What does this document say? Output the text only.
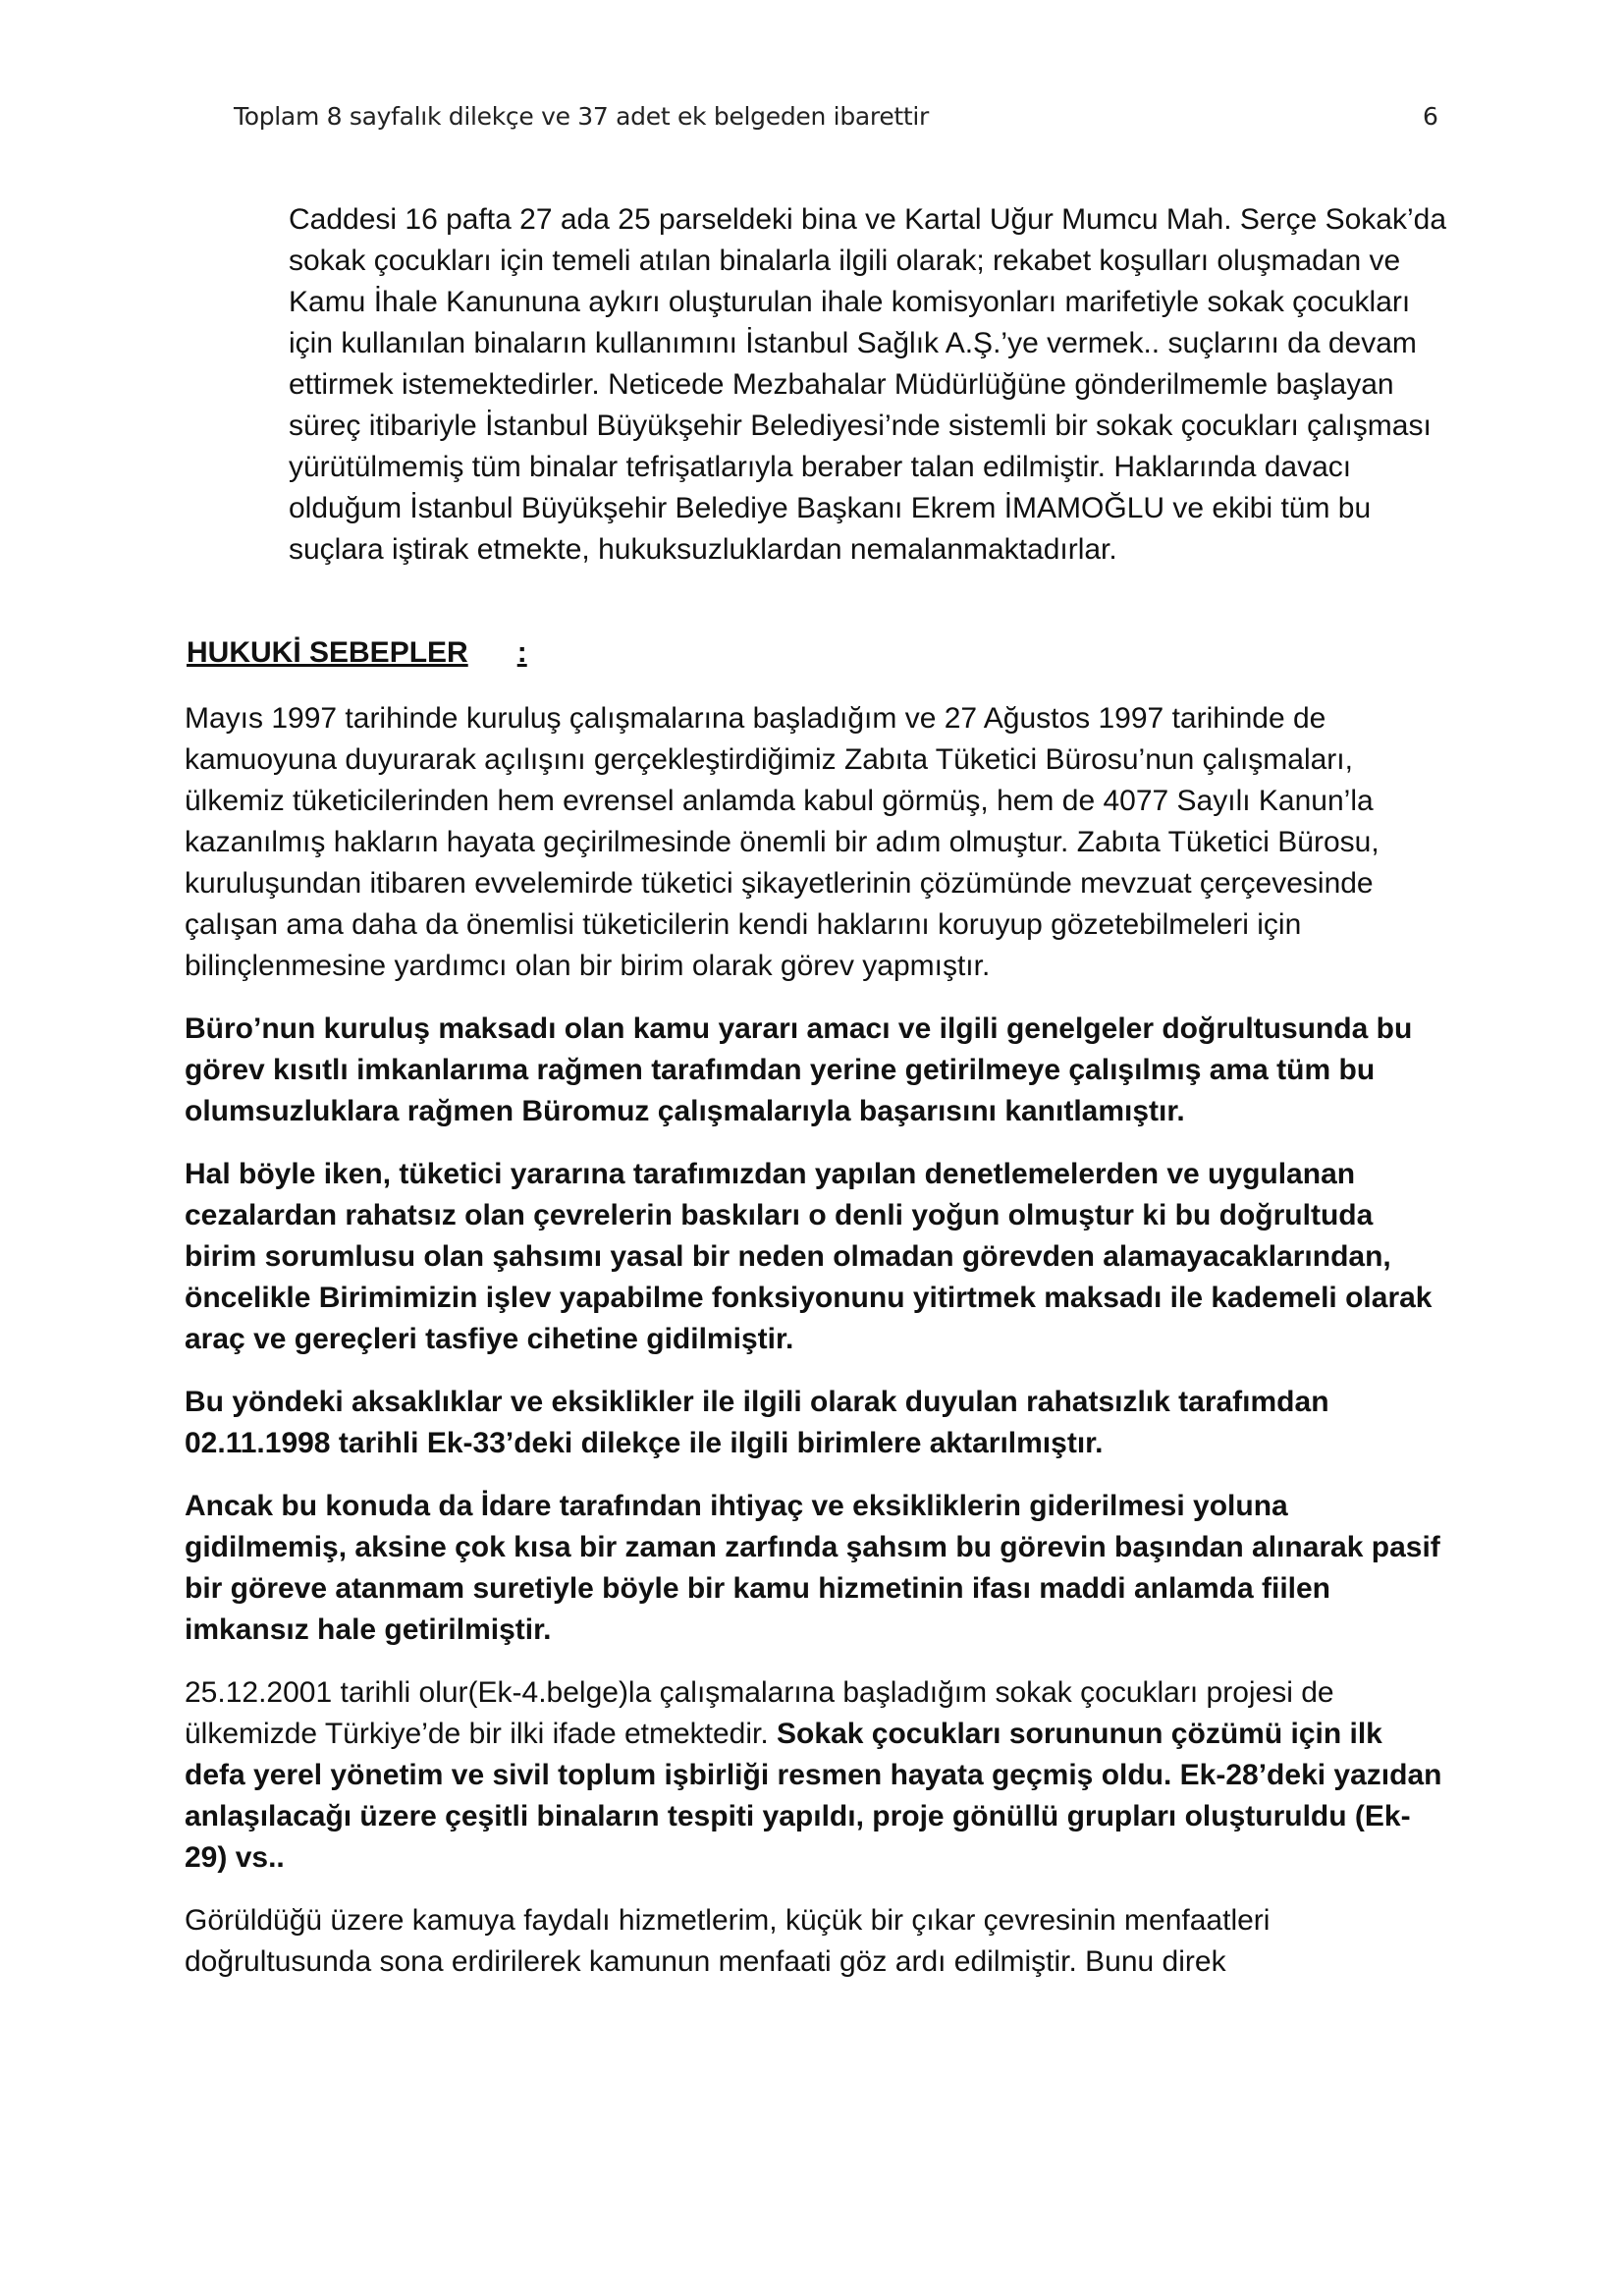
Toplam 8 sayfalık dilekçe ve 37 adet ek belgeden ibarettir	6

Caddesi 16 pafta 27 ada 25 parseldeki bina ve Kartal Uğur Mumcu Mah. Serçe Sokak’da sokak çocukları için temeli atılan binalarla ilgili olarak; rekabet koşulları oluşmadan ve Kamu İhale Kanununa aykırı oluşturulan ihale komisyonları marifetiyle sokak çocukları için kullanılan binaların kullanımını İstanbul Sağlık A.Ş.’ye vermek.. suçlarını da devam ettirmek istemektedirler. Neticede Mezbahalar Müdürlüğüne gönderilmemle başlayan süreç itibariyle İstanbul Büyükşehir Belediyesi’nde sistemli bir sokak çocukları çalışması yürütülmemiş tüm binalar tefrişatlarıyla beraber talan edilmiştir. Haklarında davacı olduğum İstanbul Büyükşehir Belediye Başkanı Ekrem İMAMOĞLU ve ekibi tüm bu suçlara iştirak etmekte, hukuksuzluklardan nemalanmaktadırlar.

HUKUKİ SEBEPLER :

Mayıs 1997 tarihinde kuruluş çalışmalarına başladığım ve 27 Ağustos 1997 tarihinde de kamuoyuna duyurarak açılışını gerçekleştirdiğimiz Zabıta Tüketici Bürosu’nun çalışmaları, ülkemiz tüketicilerinden hem evrensel anlamda kabul görmüş, hem de 4077 Sayılı Kanun’la kazanılmış hakların hayata geçirilmesinde önemli bir adım olmuştur. Zabıta Tüketici Bürosu, kuruluşundan itibaren evvelemirde tüketici şikayetlerinin çözümünde mevzuat çerçevesinde çalışan ama daha da önemlisi tüketicilerin kendi haklarını koruyup gözetebilmeleri için bilinçlenmesine yardımcı olan bir birim olarak görev yapmıştır.

Büro’nun kuruluş maksadı olan kamu yararı amacı ve ilgili genelgeler doğrultusunda bu görev kısıtlı imkanlarıma rağmen tarafımdan yerine getirilmeye çalışılmış ama tüm bu olumsuzluklara rağmen Büromuz çalışmalarıyla başarısını kanıtlamıştır.

Hal böyle iken, tüketici yararına tarafımızdan yapılan denetlemelerden ve uygulanan cezalardan rahatsız olan çevrelerin baskıları o denli yoğun olmuştur ki bu doğrultuda birim sorumlusu olan şahsımı yasal bir neden olmadan görevden alamayacaklarından, öncelikle Birimimizin işlev yapabilme fonksiyonunu yitirtmek maksadı ile kademeli olarak araç ve gereçleri tasfiye cihetine gidilmiştir.

Bu yöndeki aksaklıklar ve eksiklikler ile ilgili olarak duyulan rahatsızlık tarafımdan 02.11.1998 tarihli Ek-33’deki dilekçe ile ilgili birimlere aktarılmıştır.

Ancak bu konuda da İdare tarafından ihtiyaç ve eksikliklerin giderilmesi yoluna gidilmemiş, aksine çok kısa bir zaman zarfında şahsım bu görevin başından alınarak pasif bir göreve atanmam suretiyle böyle bir kamu hizmetinin ifası maddi anlamda fiilen imkansız hale getirilmiştir.

25.12.2001 tarihli olur(Ek-4.belge)la çalışmalarına başladığım sokak çocukları projesi de ülkemizde Türkiye’de bir ilki ifade etmektedir. Sokak çocukları sorununun çözümü için ilk defa yerel yönetim ve sivil toplum işbirliği resmen hayata geçmiş oldu. Ek-28’deki yazıdan anlaşılacağı üzere çeşitli binaların tespiti yapıldı, proje gönüllü grupları oluşturuldu (Ek-29) vs..

Görüldüğü üzere kamuya faydalı hizmetlerim, küçük bir çıkar çevresinin menfaatleri doğrultusunda sona erdirilerek kamunun menfaati göz ardı edilmiştir. Bunu direk
